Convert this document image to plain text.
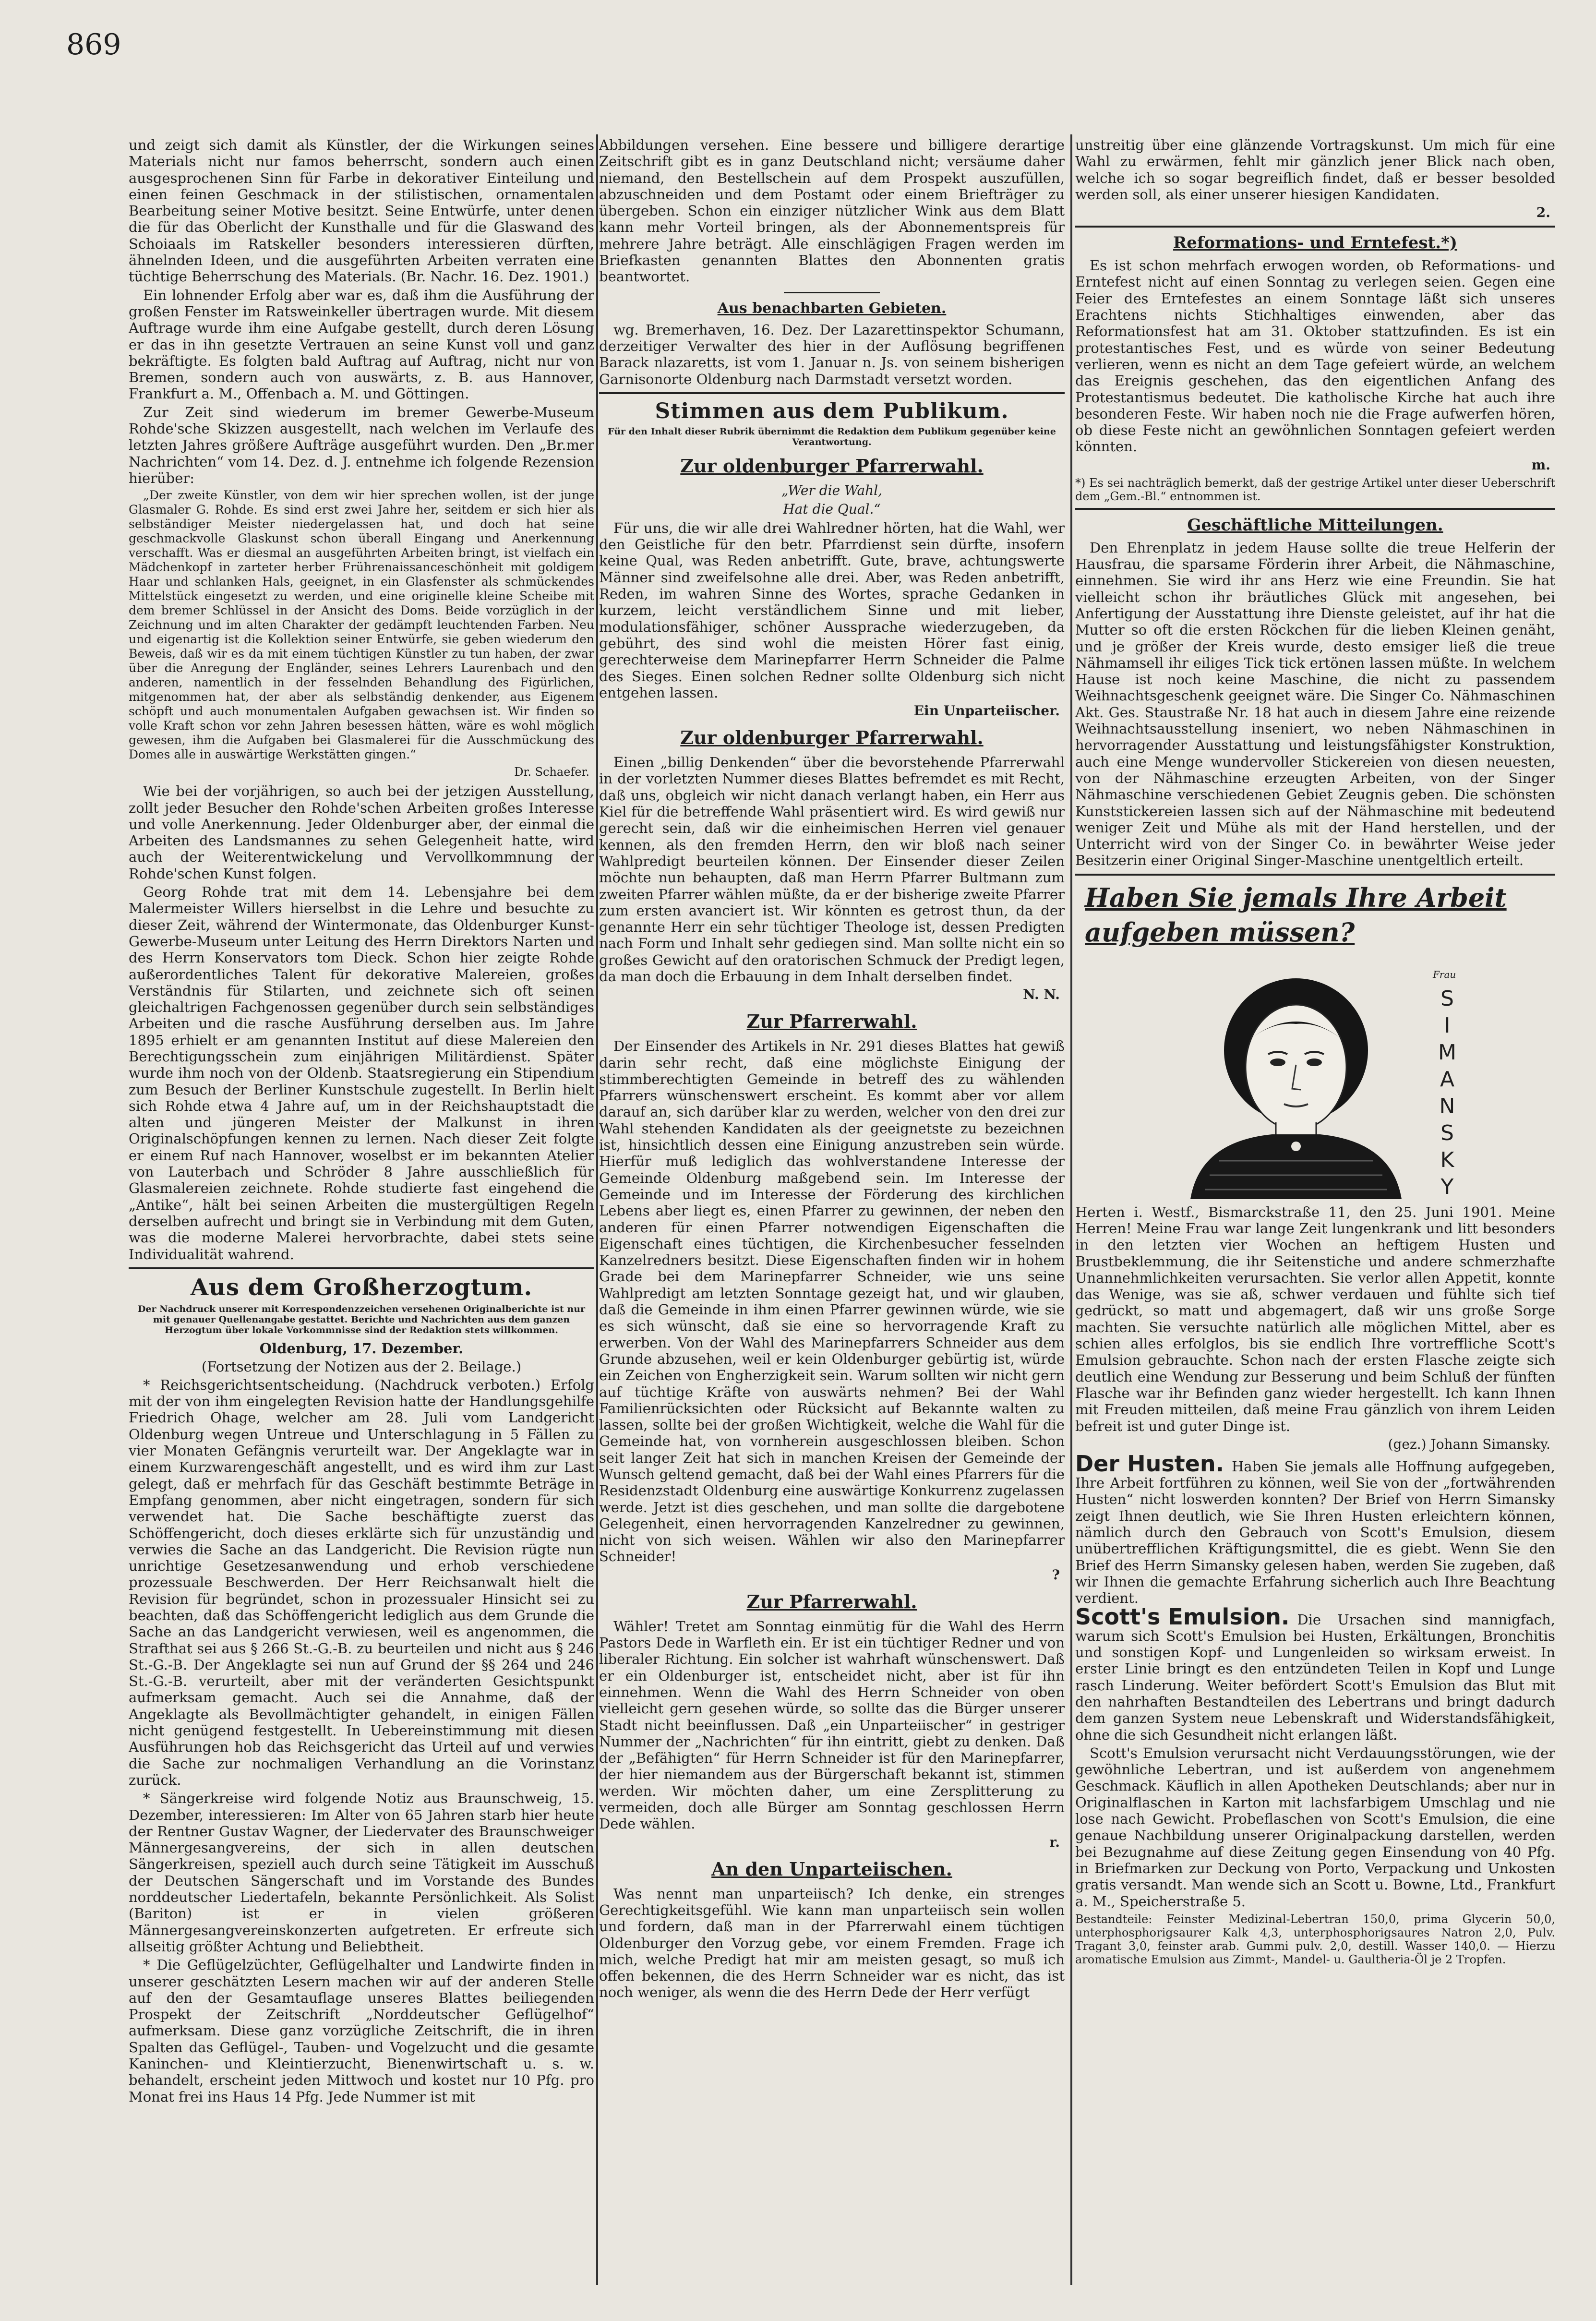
869

und zeigt sich damit als Künstler, der die Wirkungen seines Materials nicht nur famos beherrscht, sondern auch einen ausgesprochenen Sinn für Farbe in dekorativer Einteilung und einen feinen Geschmack in der stilistischen, ornamentalen Bearbeitung seiner Motive besitzt. Seine Entwürfe, unter denen die für das Oberlicht der Kunsthalle und für die Glaswand des Schoiaals im Ratskeller besonders interessieren dürften, ähnelnden Ideen, und die ausgeführten Arbeiten verraten eine tüchtige Beherrschung des Materials. (Br. Nachr. 16. Dez. 1901.)

Ein lohnender Erfolg aber war es, daß ihm die Ausführung der großen Fenster im Ratsweinkeller übertragen wurde. Mit diesem Auftrage wurde ihm eine Aufgabe gestellt, durch deren Lösung er das in ihn gesetzte Vertrauen an seine Kunst voll und ganz bekräftigte. Es folgten bald Auftrag auf Auftrag, nicht nur von Bremen, sondern auch von auswärts, z. B. aus Hannover, Frankfurt a. M., Offenbach a. M. und Göttingen.

Zur Zeit sind wiederum im bremer Gewerbe-Museum Rohde'sche Skizzen ausgestellt, nach welchen im Verlaufe des letzten Jahres größere Aufträge ausgeführt wurden. Den „Br.mer Nachrichten“ vom 14. Dez. d. J. entnehme ich folgende Rezension hierüber:

„Der zweite Künstler, von dem wir hier sprechen wollen, ist der junge Glasmaler G. Rohde. Es sind erst zwei Jahre her, seitdem er sich hier als selbständiger Meister niedergelassen hat, und doch hat seine geschmackvolle Glaskunst schon überall Eingang und Anerkennung verschafft. Was er diesmal an ausgeführten Arbeiten bringt, ist vielfach ein Mädchenkopf in zarteter herber Frührenaissanceschönheit mit goldigem Haar und schlanken Hals, geeignet, in ein Glasfenster als schmückendes Mittelstück eingesetzt zu werden, und eine originelle kleine Scheibe mit dem bremer Schlüssel in der Ansicht des Doms. Beide vorzüglich in der Zeichnung und im alten Charakter der gedämpft leuchtenden Farben. Neu und eigenartig ist die Kollektion seiner Entwürfe, sie geben wiederum den Beweis, daß wir es da mit einem tüchtigen Künstler zu tun haben, der zwar über die Anregung der Engländer, seines Lehrers Laurenbach und den anderen, namentlich in der fesselnden Behandlung des Figürlichen, mitgenommen hat, der aber als selbständig denkender, aus Eigenem schöpft und auch monumentalen Aufgaben gewachsen ist. Wir finden so volle Kraft schon vor zehn Jahren besessen hätten, wäre es wohl möglich gewesen, ihm die Aufgaben bei Glasmalerei für die Ausschmückung des Domes alle in auswärtige Werkstätten gingen.“

Dr. Schaefer.

Wie bei der vorjährigen, so auch bei der jetzigen Ausstellung, zollt jeder Besucher den Rohde'schen Arbeiten großes Interesse und volle Anerkennung. Jeder Oldenburger aber, der einmal die Arbeiten des Landsmannes zu sehen Gelegenheit hatte, wird auch der Weiterentwickelung und Vervollkommnung der Rohde'schen Kunst folgen.

Georg Rohde trat mit dem 14. Lebensjahre bei dem Malermeister Willers hierselbst in die Lehre und besuchte zu dieser Zeit, während der Wintermonate, das Oldenburger Kunst-Gewerbe-Museum unter Leitung des Herrn Direktors Narten und des Herrn Konservators tom Dieck. Schon hier zeigte Rohde außerordentliches Talent für dekorative Malereien, großes Verständnis für Stilarten, und zeichnete sich oft seinen gleichaltrigen Fachgenossen gegenüber durch sein selbständiges Arbeiten und die rasche Ausführung derselben aus. Im Jahre 1895 erhielt er am genannten Institut auf diese Malereien den Berechtigungsschein zum einjährigen Militärdienst. Später wurde ihm noch von der Oldenb. Staatsregierung ein Stipendium zum Besuch der Berliner Kunstschule zugestellt. In Berlin hielt sich Rohde etwa 4 Jahre auf, um in der Reichshauptstadt die alten und jüngeren Meister der Malkunst in ihren Originalschöpfungen kennen zu lernen. Nach dieser Zeit folgte er einem Ruf nach Hannover, woselbst er im bekannten Atelier von Lauterbach und Schröder 8 Jahre ausschließlich für Glasmalereien zeichnete. Rohde studierte fast eingehend die „Antike“, hält bei seinen Arbeiten die mustergültigen Regeln derselben aufrecht und bringt sie in Verbindung mit dem Guten, was die moderne Malerei hervorbrachte, dabei stets seine Individualität wahrend.

Aus dem Großherzogtum.

Der Nachdruck unserer mit Korrespondenzzeichen versehenen Originalberichte ist nur mit genauer Quellenangabe gestattet. Berichte und Nachrichten aus dem ganzen Herzogtum über lokale Vorkommnisse sind der Redaktion stets willkommen.

Oldenburg, 17. Dezember.
(Fortsetzung der Notizen aus der 2. Beilage.)

* Reichsgerichtsentscheidung. (Nachdruck verboten.) Erfolg mit der von ihm eingelegten Revision hatte der Handlungsgehilfe Friedrich Ohage, welcher am 28. Juli vom Landgericht Oldenburg wegen Untreue und Unterschlagung in 5 Fällen zu vier Monaten Gefängnis verurteilt war. Der Angeklagte war in einem Kurzwarengeschäft angestellt, und es wird ihm zur Last gelegt, daß er mehrfach für das Geschäft bestimmte Beträge in Empfang genommen, aber nicht eingetragen, sondern für sich verwendet hat. Die Sache beschäftigte zuerst das Schöffengericht, doch dieses erklärte sich für unzuständig und verwies die Sache an das Landgericht. Die Revision rügte nun unrichtige Gesetzesanwendung und erhob verschiedene prozessuale Beschwerden. Der Herr Reichsanwalt hielt die Revision für begründet, schon in prozessualer Hinsicht sei zu beachten, daß das Schöffengericht lediglich aus dem Grunde die Sache an das Landgericht verwiesen, weil es angenommen, die Strafthat sei aus § 266 St.-G.-B. zu beurteilen und nicht aus § 246 St.-G.-B. Der Angeklagte sei nun auf Grund der §§ 264 und 246 St.-G.-B. verurteilt, aber mit der veränderten Gesichtspunkt aufmerksam gemacht. Auch sei die Annahme, daß der Angeklagte als Bevollmächtigter gehandelt, in einigen Fällen nicht genügend festgestellt. In Uebereinstimmung mit diesen Ausführungen hob das Reichsgericht das Urteil auf und verwies die Sache zur nochmaligen Verhandlung an die Vorinstanz zurück.

* Sängerkreise wird folgende Notiz aus Braunschweig, 15. Dezember, interessieren: Im Alter von 65 Jahren starb hier heute der Rentner Gustav Wagner, der Liedervater des Braunschweiger Männergesangvereins, der sich in allen deutschen Sängerkreisen, speziell auch durch seine Tätigkeit im Ausschuß der Deutschen Sängerschaft und im Vorstande des Bundes norddeutscher Liedertafeln, bekannte Persönlichkeit. Als Solist (Bariton) ist er in vielen größeren Männergesangvereinskonzerten aufgetreten. Er erfreute sich allseitig größter Achtung und Beliebtheit.

* Die Geflügelzüchter, Geflügelhalter und Landwirte finden in unserer geschätzten Lesern machen wir auf der anderen Stelle auf den der Gesamtauflage unseres Blattes beiliegenden Prospekt der Zeitschrift „Norddeutscher Geflügelhof“ aufmerksam. Diese ganz vorzügliche Zeitschrift, die in ihren Spalten das Geflügel-, Tauben- und Vogelzucht und die gesamte Kaninchen- und Kleintierzucht, Bienenwirtschaft u. s. w. behandelt, erscheint jeden Mittwoch und kostet nur 10 Pfg. pro Monat frei ins Haus 14 Pfg. Jede Nummer ist mit

Abbildungen versehen. Eine bessere und billigere derartige Zeitschrift gibt es in ganz Deutschland nicht; versäume daher niemand, den Bestellschein auf dem Prospekt auszufüllen, abzuschneiden und dem Postamt oder einem Briefträger zu übergeben. Schon ein einziger nützlicher Wink aus dem Blatt kann mehr Vorteil bringen, als der Abonnementspreis für mehrere Jahre beträgt. Alle einschlägigen Fragen werden im Briefkasten genannten Blattes den Abonnenten gratis beantwortet.

Aus benachbarten Gebieten.

wg. Bremerhaven, 16. Dez. Der Lazarettinspektor Schumann, derzeitiger Verwalter des hier in der Auflösung begriffenen Barack nlazaretts, ist vom 1. Januar n. Js. von seinem bisherigen Garnisonorte Oldenburg nach Darmstadt versetzt worden.

Stimmen aus dem Publikum.

Für den Inhalt dieser Rubrik übernimmt die Redaktion dem Publikum gegenüber keine Verantwortung.

Zur oldenburger Pfarrerwahl.
„Wer die Wahl,
Hat die Qual.“

Für uns, die wir alle drei Wahlredner hörten, hat die Wahl, wer den Geistliche für den betr. Pfarrdienst sein dürfte, insofern keine Qual, was Reden anbetrifft. Gute, brave, achtungswerte Männer sind zweifelsohne alle drei. Aber, was Reden anbetrifft, Reden, im wahren Sinne des Wortes, sprache Gedanken in kurzem, leicht verständlichem Sinne und mit lieber, modulationsfähiger, schöner Aussprache wiederzugeben, da gebührt, des sind wohl die meisten Hörer fast einig, gerechterweise dem Marinepfarrer Herrn Schneider die Palme des Sieges. Einen solchen Redner sollte Oldenburg sich nicht entgehen lassen.

Ein Unparteiischer.

Zur oldenburger Pfarrerwahl.

Einen „billig Denkenden“ über die bevorstehende Pfarrerwahl in der vorletzten Nummer dieses Blattes befremdet es mit Recht, daß uns, obgleich wir nicht danach verlangt haben, ein Herr aus Kiel für die betreffende Wahl präsentiert wird. Es wird gewiß nur gerecht sein, daß wir die einheimischen Herren viel genauer kennen, als den fremden Herrn, den wir bloß nach seiner Wahlpredigt beurteilen können. Der Einsender dieser Zeilen möchte nun behaupten, daß man Herrn Pfarrer Bultmann zum zweiten Pfarrer wählen müßte, da er der bisherige zweite Pfarrer zum ersten avanciert ist. Wir könnten es getrost thun, da der genannte Herr ein sehr tüchtiger Theologe ist, dessen Predigten nach Form und Inhalt sehr gediegen sind. Man sollte nicht ein so großes Gewicht auf den oratorischen Schmuck der Predigt legen, da man doch die Erbauung in dem Inhalt derselben findet.

N. N.

Zur Pfarrerwahl.

Der Einsender des Artikels in Nr. 291 dieses Blattes hat gewiß darin sehr recht, daß eine möglichste Einigung der stimmberechtigten Gemeinde in betreff des zu wählenden Pfarrers wünschenswert erscheint. Es kommt aber vor allem darauf an, sich darüber klar zu werden, welcher von den drei zur Wahl stehenden Kandidaten als der geeignetste zu bezeichnen ist, hinsichtlich dessen eine Einigung anzustreben sein würde. Hierfür muß lediglich das wohlverstandene Interesse der Gemeinde Oldenburg maßgebend sein. Im Interesse der Gemeinde und im Interesse der Förderung des kirchlichen Lebens aber liegt es, einen Pfarrer zu gewinnen, der neben den anderen für einen Pfarrer notwendigen Eigenschaften die Eigenschaft eines tüchtigen, die Kirchenbesucher fesselnden Kanzelredners besitzt. Diese Eigenschaften finden wir in hohem Grade bei dem Marinepfarrer Schneider, wie uns seine Wahlpredigt am letzten Sonntage gezeigt hat, und wir glauben, daß die Gemeinde in ihm einen Pfarrer gewinnen würde, wie sie es sich wünscht, daß sie eine so hervorragende Kraft zu erwerben. Von der Wahl des Marinepfarrers Schneider aus dem Grunde abzusehen, weil er kein Oldenburger gebürtig ist, würde ein Zeichen von Engherzigkeit sein. Warum sollten wir nicht gern auf tüchtige Kräfte von auswärts nehmen? Bei der Wahl Familienrücksichten oder Rücksicht auf Bekannte walten zu lassen, sollte bei der großen Wichtigkeit, welche die Wahl für die Gemeinde hat, von vornherein ausgeschlossen bleiben. Schon seit langer Zeit hat sich in manchen Kreisen der Gemeinde der Wunsch geltend gemacht, daß bei der Wahl eines Pfarrers für die Residenzstadt Oldenburg eine auswärtige Konkurrenz zugelassen werde. Jetzt ist dies geschehen, und man sollte die dargebotene Gelegenheit, einen hervorragenden Kanzelredner zu gewinnen, nicht von sich weisen. Wählen wir also den Marinepfarrer Schneider!

?

Zur Pfarrerwahl.

Wähler! Tretet am Sonntag einmütig für die Wahl des Herrn Pastors Dede in Warfleth ein. Er ist ein tüchtiger Redner und von liberaler Richtung. Ein solcher ist wahrhaft wünschenswert. Daß er ein Oldenburger ist, entscheidet nicht, aber ist für ihn einnehmen. Wenn die Wahl des Herrn Schneider von oben vielleicht gern gesehen würde, so sollte das die Bürger unserer Stadt nicht beeinflussen. Daß „ein Unparteiischer“ in gestriger Nummer der „Nachrichten“ für ihn eintritt, giebt zu denken. Daß der „Befähigten“ für Herrn Schneider ist für den Marinepfarrer, der hier niemandem aus der Bürgerschaft bekannt ist, stimmen werden. Wir möchten daher, um eine Zersplitterung zu vermeiden, doch alle Bürger am Sonntag geschlossen Herrn Dede wählen.

r.

An den Unparteiischen.

Was nennt man unparteiisch? Ich denke, ein strenges Gerechtigkeitsgefühl. Wie kann man unparteiisch sein wollen und fordern, daß man in der Pfarrerwahl einem tüchtigen Oldenburger den Vorzug gebe, vor einem Fremden. Frage ich mich, welche Predigt hat mir am meisten gesagt, so muß ich offen bekennen, die des Herrn Schneider war es nicht, das ist noch weniger, als wenn die des Herrn Dede der Herr verfügt

unstreitig über eine glänzende Vortragskunst. Um mich für eine Wahl zu erwärmen, fehlt mir gänzlich jener Blick nach oben, welche ich so sogar begreiflich findet, daß er besser besolded werden soll, als einer unserer hiesigen Kandidaten.

2.

Reformations- und Erntefest.*)

Es ist schon mehrfach erwogen worden, ob Reformations- und Erntefest nicht auf einen Sonntag zu verlegen seien. Gegen eine Feier des Erntefestes an einem Sonntage läßt sich unseres Erachtens nichts Stichhaltiges einwenden, aber das Reformationsfest hat am 31. Oktober stattzufinden. Es ist ein protestantisches Fest, und es würde von seiner Bedeutung verlieren, wenn es nicht an dem Tage gefeiert würde, an welchem das Ereignis geschehen, das den eigentlichen Anfang des Protestantismus bedeutet. Die katholische Kirche hat auch ihre besonderen Feste. Wir haben noch nie die Frage aufwerfen hören, ob diese Feste nicht an gewöhnlichen Sonntagen gefeiert werden könnten.

m.

*) Es sei nachträglich bemerkt, daß der gestrige Artikel unter dieser Ueberschrift dem „Gem.-Bl.“ entnommen ist.

Geschäftliche Mitteilungen.

Den Ehrenplatz in jedem Hause sollte die treue Helferin der Hausfrau, die sparsame Förderin ihrer Arbeit, die Nähmaschine, einnehmen. Sie wird ihr ans Herz wie eine Freundin. Sie hat vielleicht schon ihr bräutliches Glück mit angesehen, bei Anfertigung der Ausstattung ihre Dienste geleistet, auf ihr hat die Mutter so oft die ersten Röckchen für die lieben Kleinen genäht, und je größer der Kreis wurde, desto emsiger ließ die treue Nähmamsell ihr eiliges Tick tick ertönen lassen müßte. In welchem Hause ist noch keine Maschine, die nicht zu passendem Weihnachtsgeschenk geeignet wäre. Die Singer Co. Nähmaschinen Akt. Ges. Staustraße Nr. 18 hat auch in diesem Jahre eine reizende Weihnachtsausstellung inseniert, wo neben Nähmaschinen in hervorragender Ausstattung und leistungsfähigster Konstruktion, auch eine Menge wundervoller Stickereien von diesen neuesten, von der Nähmaschine erzeugten Arbeiten, von der Singer Nähmaschine verschiedenen Gebiet Zeugnis geben. Die schönsten Kunststickereien lassen sich auf der Nähmaschine mit bedeutend weniger Zeit und Mühe als mit der Hand herstellen, und der Unterricht wird von der Singer Co. in bewährter Weise jeder Besitzerin einer Original Singer-Maschine unentgeltlich erteilt.

Haben Sie jemals Ihre Arbeit aufgeben müssen?
Frau
S
I
M
A
N
S
K
Y

Herten i. Westf., Bismarckstraße 11, den 25. Juni 1901. Meine Herren! Meine Frau war lange Zeit lungenkrank und litt besonders in den letzten vier Wochen an heftigem Husten und Brustbeklemmung, die ihr Seitenstiche und andere schmerzhafte Unannehmlichkeiten verursachten. Sie verlor allen Appetit, konnte das Wenige, was sie aß, schwer verdauen und fühlte sich tief gedrückt, so matt und abgemagert, daß wir uns große Sorge machten. Sie versuchte natürlich alle möglichen Mittel, aber es schien alles erfolglos, bis sie endlich Ihre vortreffliche Scott's Emulsion gebrauchte. Schon nach der ersten Flasche zeigte sich deutlich eine Wendung zur Besserung und beim Schluß der fünften Flasche war ihr Befinden ganz wieder hergestellt. Ich kann Ihnen mit Freuden mitteilen, daß meine Frau gänzlich von ihrem Leiden befreit ist und guter Dinge ist.

(gez.) Johann Simansky.

Der Husten. Haben Sie jemals alle Hoffnung aufgegeben, Ihre Arbeit fortführen zu können, weil Sie von der „fortwährenden Husten“ nicht loswerden konnten? Der Brief von Herrn Simansky zeigt Ihnen deutlich, wie Sie Ihren Husten erleichtern können, nämlich durch den Gebrauch von Scott's Emulsion, diesem unübertrefflichen Kräftigungsmittel, die es giebt. Wenn Sie den Brief des Herrn Simansky gelesen haben, werden Sie zugeben, daß wir Ihnen die gemachte Erfahrung sicherlich auch Ihre Beachtung verdient.

Scott's Emulsion. Die Ursachen sind mannigfach, warum sich Scott's Emulsion bei Husten, Erkältungen, Bronchitis und sonstigen Kopf- und Lungenleiden so wirksam erweist. In erster Linie bringt es den entzündeten Teilen in Kopf und Lunge rasch Linderung. Weiter befördert Scott's Emulsion das Blut mit den nahrhaften Bestandteilen des Lebertrans und bringt dadurch dem ganzen System neue Lebenskraft und Widerstandsfähigkeit, ohne die sich Gesundheit nicht erlangen läßt.

Scott's Emulsion verursacht nicht Verdauungsstörungen, wie der gewöhnliche Lebertran, und ist außerdem von angenehmem Geschmack. Käuflich in allen Apotheken Deutschlands; aber nur in Originalflaschen in Karton mit lachsfarbigem Umschlag und nie lose nach Gewicht. Probeflaschen von Scott's Emulsion, die eine genaue Nachbildung unserer Originalpackung darstellen, werden bei Bezugnahme auf diese Zeitung gegen Einsendung von 40 Pfg. in Briefmarken zur Deckung von Porto, Verpackung und Unkosten gratis versandt. Man wende sich an Scott u. Bowne, Ltd., Frankfurt a. M., Speicherstraße 5.

Bestandteile: Feinster Medizinal-Lebertran 150,0, prima Glycerin 50,0, unterphosphorigsaurer Kalk 4,3, unterphosphorigsaures Natron 2,0, Pulv. Tragant 3,0, feinster arab. Gummi pulv. 2,0, destill. Wasser 140,0. — Hierzu aromatische Emulsion aus Zimmt-, Mandel- u. Gaultheria-Öl je 2 Tropfen.
